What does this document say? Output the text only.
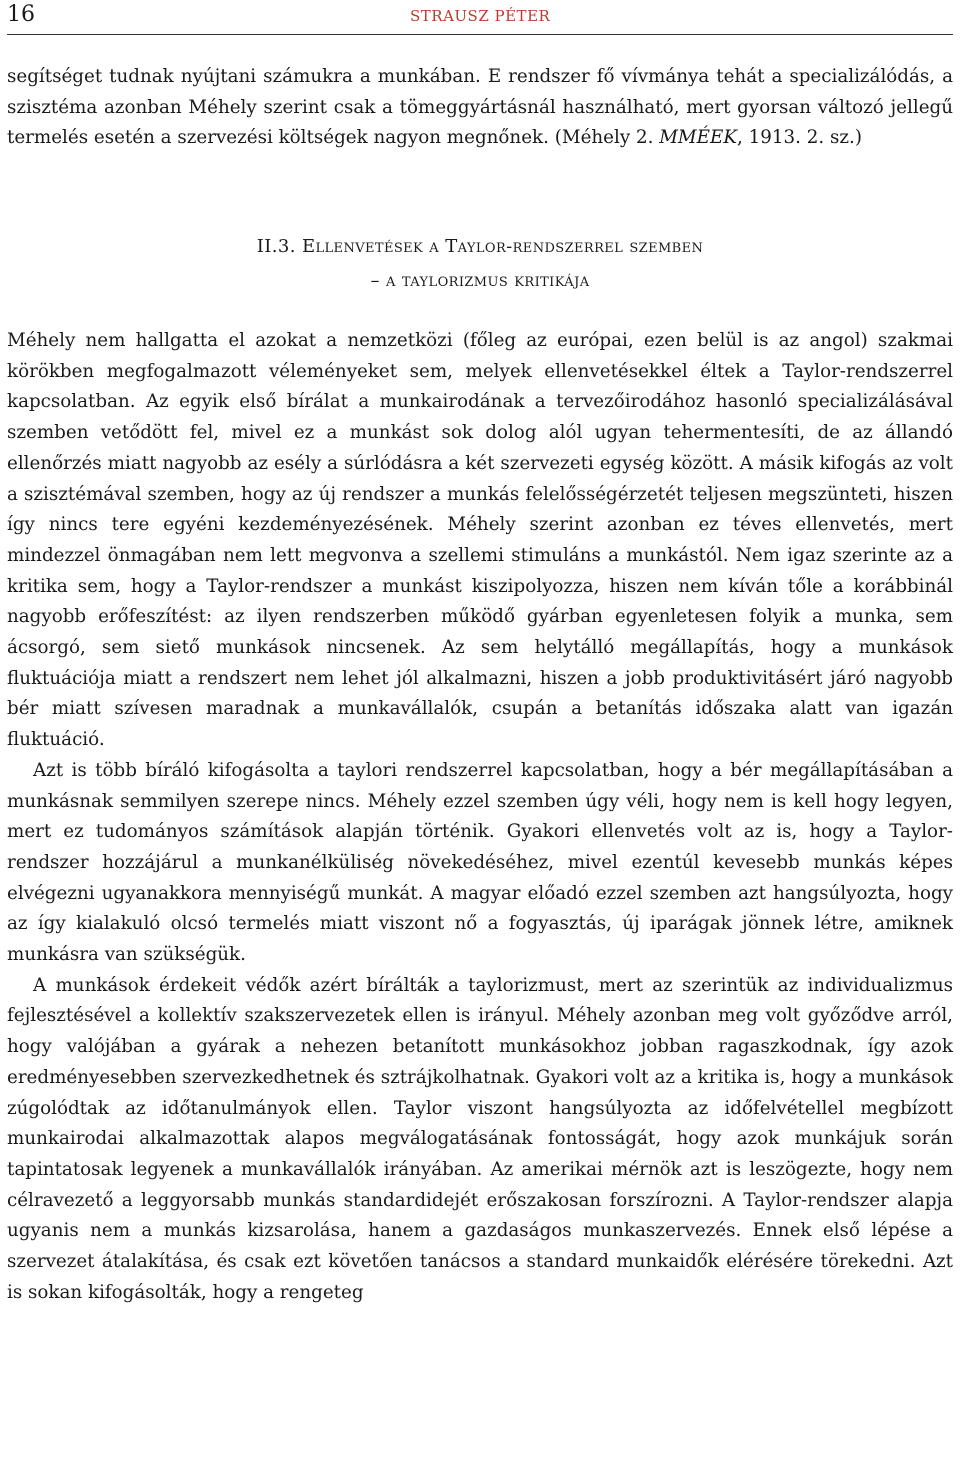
16	STRAUSZ PÉTER

segítséget tudnak nyújtani számukra a munkában. E rendszer fő vívmánya tehát a specializálódás, a szisztéma azonban Méhely szerint csak a tömeggyártásnál használható, mert gyorsan változó jellegű termelés esetén a szervezési költségek nagyon megnőnek. (Méhely 2. MMÉEK, 1913. 2. sz.)

II.3. Ellenvetések a Taylor-rendszerrel szemben
– a taylorizmus kritikája

Méhely nem hallgatta el azokat a nemzetközi (főleg az európai, ezen belül is az angol) szakmai körökben megfogalmazott véleményeket sem, melyek ellenvetésekkel éltek a Taylor-rendszerrel kapcsolatban. Az egyik első bírálat a munkairodának a tervezőirodához hasonló specializálásával szemben vetődött fel, mivel ez a munkást sok dolog alól ugyan tehermentesíti, de az állandó ellenőrzés miatt nagyobb az esély a súrlódásra a két szervezeti egység között. A másik kifogás az volt a szisztémával szemben, hogy az új rendszer a munkás felelősségérzetét teljesen megszünteti, hiszen így nincs tere egyéni kezdeményezésének. Méhely szerint azonban ez téves ellenvetés, mert mindezzel önmagában nem lett megvonva a szellemi stimuláns a munkástól. Nem igaz szerinte az a kritika sem, hogy a Taylor-rendszer a munkást kiszipolyozza, hiszen nem kíván tőle a korábbinál nagyobb erőfeszítést: az ilyen rendszerben működő gyárban egyenletesen folyik a munka, sem ácsorgó, sem siető munkások nincsenek. Az sem helytálló megállapítás, hogy a munkások fluktuációja miatt a rendszert nem lehet jól alkalmazni, hiszen a jobb produktivitásért járó nagyobb bér miatt szívesen maradnak a munkavállalók, csupán a betanítás időszaka alatt van igazán fluktuáció.

Azt is több bíráló kifogásolta a taylori rendszerrel kapcsolatban, hogy a bér megállapításában a munkásnak semmilyen szerepe nincs. Méhely ezzel szemben úgy véli, hogy nem is kell hogy legyen, mert ez tudományos számítások alapján történik. Gyakori ellenvetés volt az is, hogy a Taylor-rendszer hozzájárul a munkanélküliség növekedéséhez, mivel ezentúl kevesebb munkás képes elvégezni ugyanakkora mennyiségű munkát. A magyar előadó ezzel szemben azt hangsúlyozta, hogy az így kialakuló olcsó termelés miatt viszont nő a fogyasztás, új iparágak jönnek létre, amiknek munkásra van szükségük.

A munkások érdekeit védők azért bírálták a taylorizmust, mert az szerintük az individualizmus fejlesztésével a kollektív szakszervezetek ellen is irányul. Méhely azonban meg volt győződve arról, hogy valójában a gyárak a nehezen betanított munkásokhoz jobban ragaszkodnak, így azok eredményesebben szervezkedhetnek és sztrájkolhatnak. Gyakori volt az a kritika is, hogy a munkások zúgolódtak az időtanulmányok ellen. Taylor viszont hangsúlyozta az időfelvétellel megbízott munkairodai alkalmazottak alapos megválogatásának fontosságát, hogy azok munkájuk során tapintatosak legyenek a munkavállalók irányában. Az amerikai mérnök azt is leszögezte, hogy nem célravezető a leggyorsabb munkás standardidejét erőszakosan forszírozni. A Taylor-rendszer alapja ugyanis nem a munkás kizsarolása, hanem a gazdaságos munkaszervezés. Ennek első lépése a szervezet átalakítása, és csak ezt követően tanácsos a standard munkaidők elérésére törekedni. Azt is sokan kifogásolták, hogy a rengeteg
